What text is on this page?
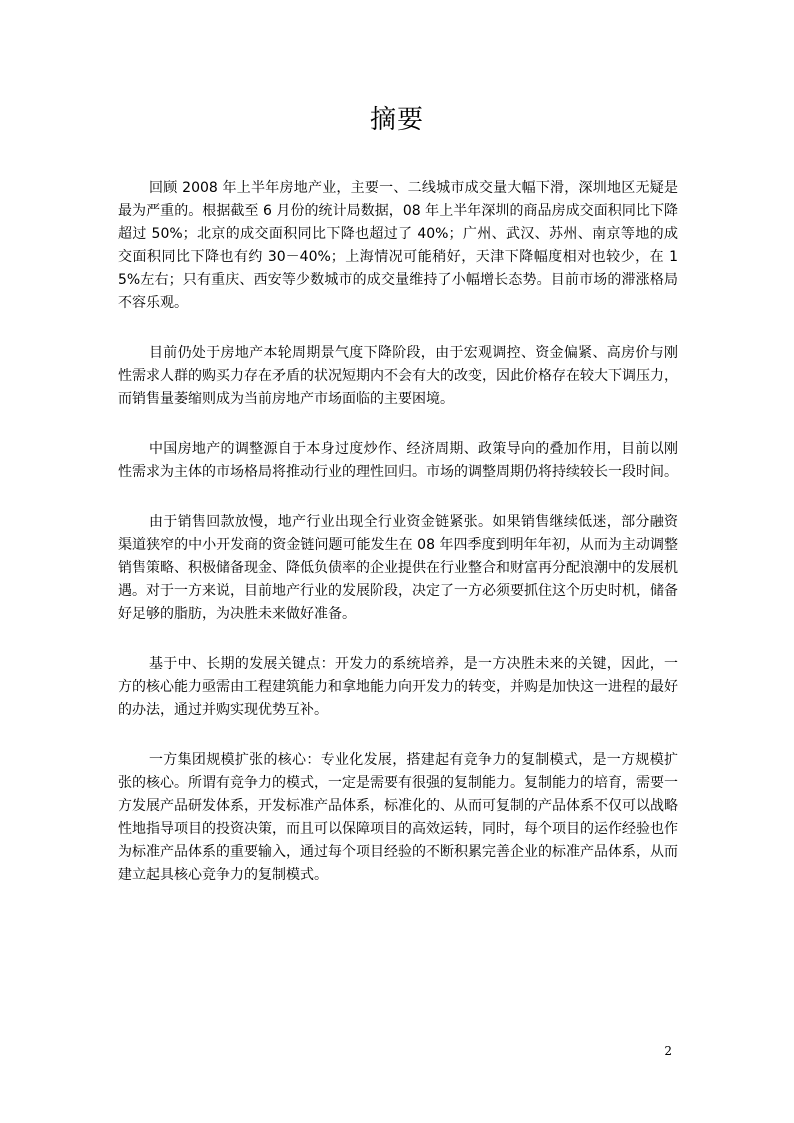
摘要

回顾 2008 年上半年房地产业，主要一、二线城市成交量大幅下滑，深圳地区无疑是最为严重的。根据截至 6 月份的统计局数据，08 年上半年深圳的商品房成交面积同比下降超过 50%；北京的成交面积同比下降也超过了 40%；广州、武汉、苏州、南京等地的成交面积同比下降也有约 30－40%；上海情况可能稍好，天津下降幅度相对也较少，在 15%左右；只有重庆、西安等少数城市的成交量维持了小幅增长态势。目前市场的滞涨格局不容乐观。

目前仍处于房地产本轮周期景气度下降阶段，由于宏观调控、资金偏紧、高房价与刚性需求人群的购买力存在矛盾的状况短期内不会有大的改变，因此价格存在较大下调压力，而销售量萎缩则成为当前房地产市场面临的主要困境。

中国房地产的调整源自于本身过度炒作、经济周期、政策导向的叠加作用，目前以刚性需求为主体的市场格局将推动行业的理性回归。市场的调整周期仍将持续较长一段时间。

由于销售回款放慢，地产行业出现全行业资金链紧张。如果销售继续低迷，部分融资渠道狭窄的中小开发商的资金链问题可能发生在 08 年四季度到明年年初，从而为主动调整销售策略、积极储备现金、降低负债率的企业提供在行业整合和财富再分配浪潮中的发展机遇。对于一方来说，目前地产行业的发展阶段，决定了一方必须要抓住这个历史时机，储备好足够的脂肪，为决胜未来做好准备。

基于中、长期的发展关键点：开发力的系统培养，是一方决胜未来的关键，因此，一方的核心能力亟需由工程建筑能力和拿地能力向开发力的转变，并购是加快这一进程的最好的办法，通过并购实现优势互补。

一方集团规模扩张的核心：专业化发展，搭建起有竞争力的复制模式，是一方规模扩张的核心。所谓有竞争力的模式，一定是需要有很强的复制能力。复制能力的培育，需要一方发展产品研发体系，开发标准产品体系，标准化的、从而可复制的产品体系不仅可以战略性地指导项目的投资决策，而且可以保障项目的高效运转，同时，每个项目的运作经验也作为标准产品体系的重要输入，通过每个项目经验的不断积累完善企业的标准产品体系，从而建立起具核心竞争力的复制模式。

2
